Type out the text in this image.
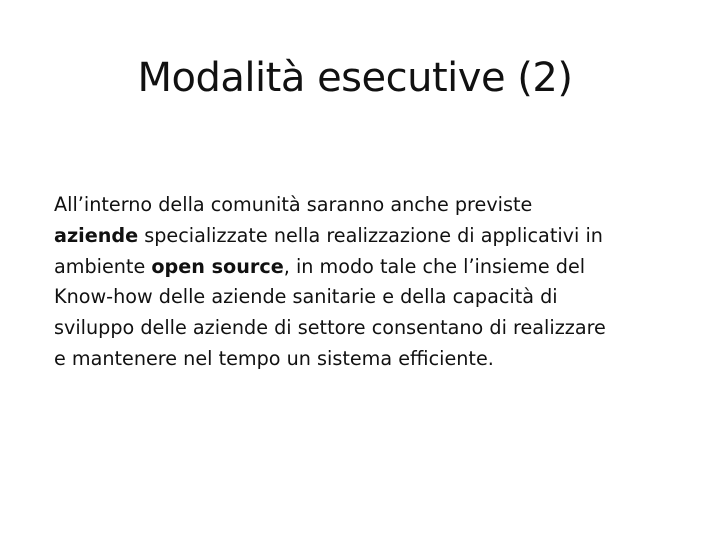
Modalità esecutive (2)
All’interno della comunità saranno anche previste
aziende specializzate nella realizzazione di applicativi in
ambiente open source, in modo tale che l’insieme del
Know-how delle aziende sanitarie e della capacità di
sviluppo delle aziende di settore consentano di realizzare
e mantenere nel tempo un sistema efficiente.
